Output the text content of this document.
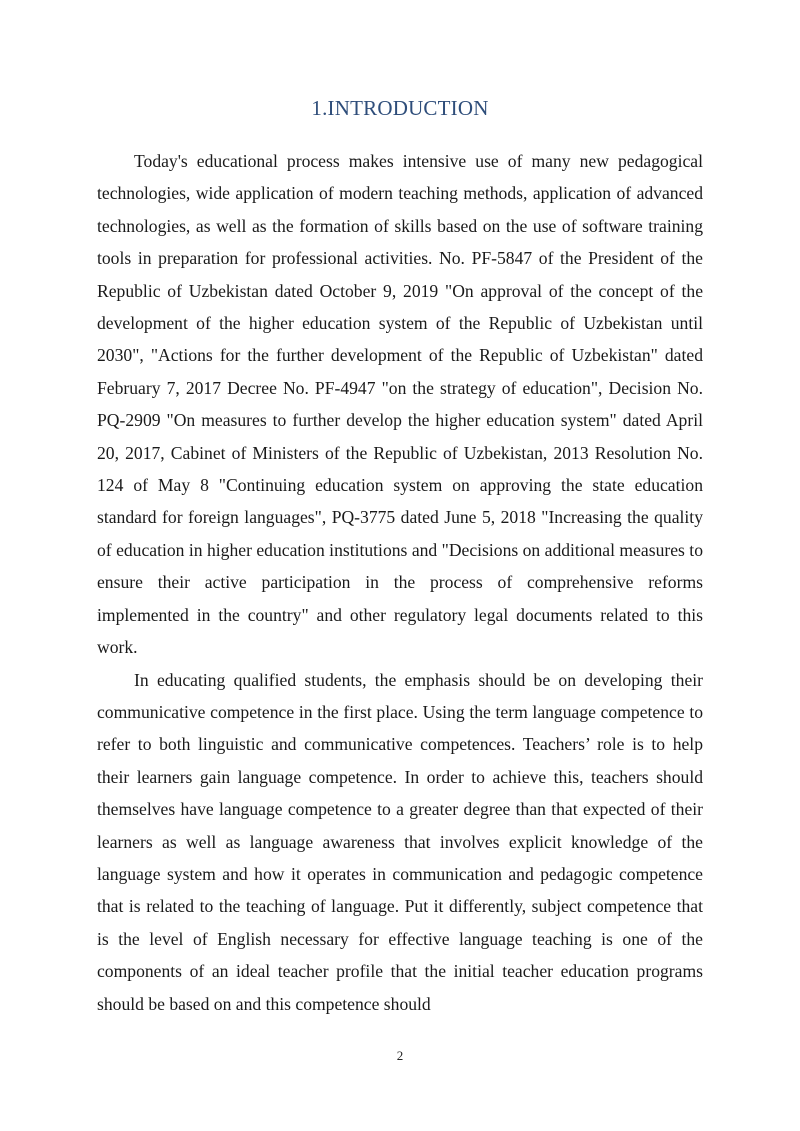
1.INTRODUCTION

Today's educational process makes intensive use of many new pedagogical technologies, wide application of modern teaching methods, application of advanced technologies, as well as the formation of skills based on the use of software training tools in preparation for professional activities. No. PF-5847 of the President of the Republic of Uzbekistan dated October 9, 2019 "On approval of the concept of the development of the higher education system of the Republic of Uzbekistan until 2030", "Actions for the further development of the Republic of Uzbekistan" dated February 7, 2017 Decree No. PF-4947 "on the strategy of education", Decision No. PQ-2909 "On measures to further develop the higher education system" dated April 20, 2017, Cabinet of Ministers of the Republic of Uzbekistan, 2013 Resolution No. 124 of May 8 "Continuing education system on approving the state education standard for foreign languages", PQ-3775 dated June 5, 2018 "Increasing the quality of education in higher education institutions and "Decisions on additional measures to ensure their active participation in the process of comprehensive reforms implemented in the country" and other regulatory legal documents related to this work.

In educating qualified students, the emphasis should be on developing their communicative competence in the first place. Using the term language competence to refer to both linguistic and communicative competences. Teachers’ role is to help their learners gain language competence. In order to achieve this, teachers should themselves have language competence to a greater degree than that expected of their learners as well as language awareness that involves explicit knowledge of the language system and how it operates in communication and pedagogic competence that is related to the teaching of language. Put it differently, subject competence that is the level of English necessary for effective language teaching is one of the components of an ideal teacher profile that the initial teacher education programs should be based on and this competence should

2
